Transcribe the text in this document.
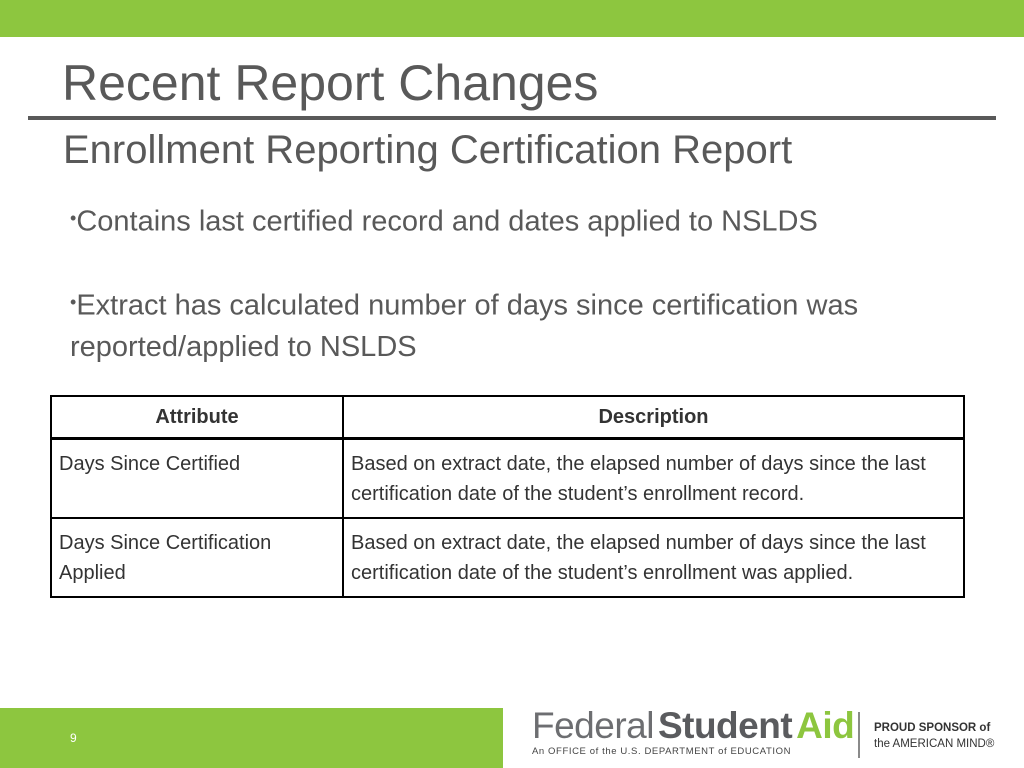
Recent Report Changes
Enrollment Reporting Certification Report
•Contains last certified record and dates applied to NSLDS
•Extract has calculated number of days since certification was reported/applied to NSLDS
Attribute	Description
Days Since Certified	Based on extract date, the elapsed number of days since the last certification date of the student’s enrollment record.
Days Since Certification Applied	Based on extract date, the elapsed number of days since the last certification date of the student’s enrollment was applied.
9	Federal Student Aid
An OFFICE of the U.S. DEPARTMENT of EDUCATION
PROUD SPONSOR of
the AMERICAN MIND®
